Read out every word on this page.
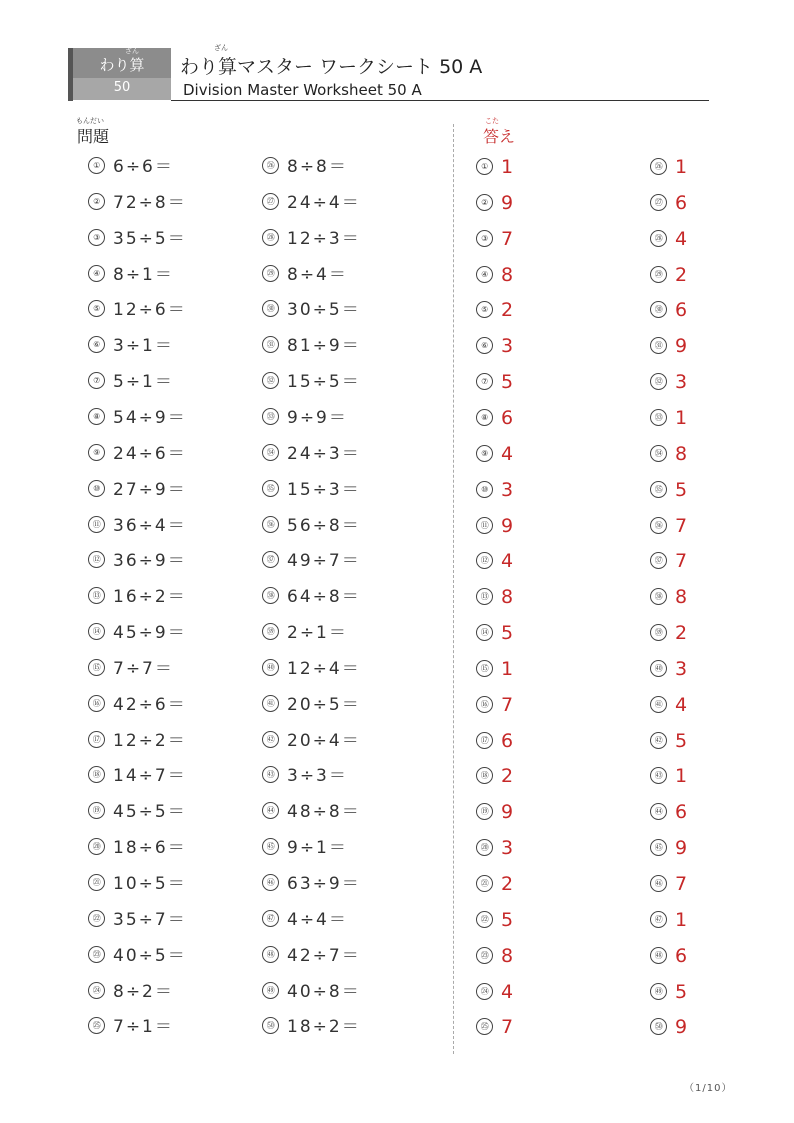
ざん
わり算
50
ざん
わり算マスター ワークシート 50 A
Division Master Worksheet 50 A
もんだい
問題
こた
答え
① 6÷6＝	① 1
② 72÷8＝	② 9
③ 35÷5＝	③ 7
④ 8÷1＝	④ 8
⑤ 12÷6＝	⑤ 2
⑥ 3÷1＝	⑥ 3
⑦ 5÷1＝	⑦ 5
⑧ 54÷9＝	⑧ 6
⑨ 24÷6＝	⑨ 4
⑩ 27÷9＝	⑩ 3
⑪ 36÷4＝	⑪ 9
⑫ 36÷9＝	⑫ 4
⑬ 16÷2＝	⑬ 8
⑭ 45÷9＝	⑭ 5
⑮ 7÷7＝	⑮ 1
⑯ 42÷6＝	⑯ 7
⑰ 12÷2＝	⑰ 6
⑱ 14÷7＝	⑱ 2
⑲ 45÷5＝	⑲ 9
⑳ 18÷6＝	⑳ 3
㉑ 10÷5＝	㉑ 2
㉒ 35÷7＝	㉒ 5
㉓ 40÷5＝	㉓ 8
㉔ 8÷2＝	㉔ 4
㉕ 7÷1＝	㉕ 7
㉖ 8÷8＝	㉖ 1
㉗ 24÷4＝	㉗ 6
㉘ 12÷3＝	㉘ 4
㉙ 8÷4＝	㉙ 2
㉚ 30÷5＝	㉚ 6
㉛ 81÷9＝	㉛ 9
㉜ 15÷5＝	㉜ 3
㉝ 9÷9＝	㉝ 1
㉞ 24÷3＝	㉞ 8
㉟ 15÷3＝	㉟ 5
㊱ 56÷8＝	㊱ 7
㊲ 49÷7＝	㊲ 7
㊳ 64÷8＝	㊳ 8
㊴ 2÷1＝	㊴ 2
㊵ 12÷4＝	㊵ 3
㊶ 20÷5＝	㊶ 4
㊷ 20÷4＝	㊷ 5
㊸ 3÷3＝	㊸ 1
㊹ 48÷8＝	㊹ 6
㊺ 9÷1＝	㊺ 9
㊻ 63÷9＝	㊻ 7
㊼ 4÷4＝	㊼ 1
㊽ 42÷7＝	㊽ 6
㊾ 40÷8＝	㊾ 5
㊿ 18÷2＝	㊿ 9
（1/10）
